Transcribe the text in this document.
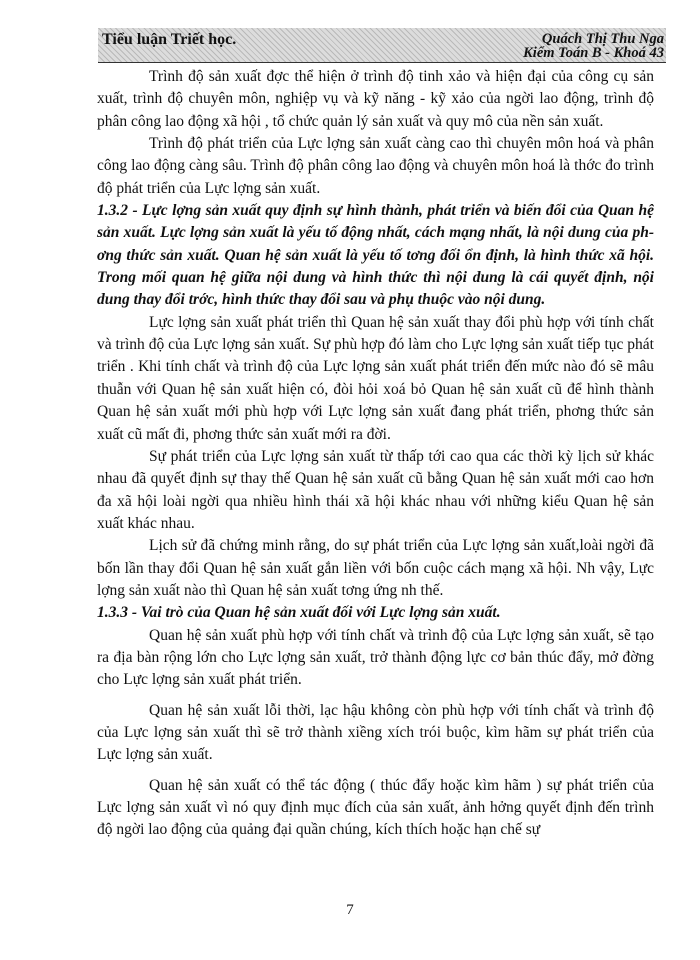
Tiểu luận Triết học.	Quách Thị Thu Nga
Kiểm Toán B - Khoá 43

Trình độ sản xuất đợc thể hiện ở trình độ tinh xảo và hiện đại của công cụ sản xuất, trình độ chuyên môn, nghiệp vụ và kỹ năng - kỹ xảo của ngời lao động, trình độ phân công lao động xã hội , tổ chức quản lý sản xuất và quy mô của nền sản xuất.

Trình độ phát triển của Lực lợng sản xuất càng cao thì chuyên môn hoá và phân công lao động càng sâu. Trình độ phân công lao động và chuyên môn hoá là thớc đo trình độ phát triển của Lực lợng sản xuất.

1.3.2 - Lực lợng sản xuất quy định sự hình thành, phát triển và biến đổi của Quan hệ sản xuất. Lực lợng sản xuất là yếu tố động nhất, cách mạng nhất, là nội dung của phơng thức sản xuất. Quan hệ sản xuất là yếu tố tơng đối ổn định, là hình thức xã hội. Trong mối quan hệ giữa nội dung và hình thức thì nội dung là cái quyết định, nội dung thay đổi trớc, hình thức thay đổi sau và phụ thuộc vào nội dung.

Lực lợng sản xuất phát triển thì Quan hệ sản xuất thay đổi phù hợp với tính chất và trình độ của Lực lợng sản xuất. Sự phù hợp đó làm cho Lực lợng sản xuất tiếp tục phát triển . Khi tính chất và trình độ của Lực lợng sản xuất phát triển đến mức nào đó sẽ mâu thuẫn với Quan hệ sản xuất hiện có, đòi hỏi xoá bỏ Quan hệ sản xuất cũ để hình thành Quan hệ sản xuất mới phù hợp với Lực lợng sản xuất đang phát triển, phơng thức sản xuất cũ mất đi, phơng thức sản xuất mới ra đời.

Sự phát triển của Lực lợng sản xuất từ thấp tới cao qua các thời kỳ lịch sử khác nhau đã quyết định sự thay thế Quan hệ sản xuất cũ bằng Quan hệ sản xuất mới cao hơn đa xã hội loài ngời qua nhiều hình thái xã hội khác nhau với những kiểu Quan hệ sản xuất khác nhau.

Lịch sử đã chứng minh rằng, do sự phát triển của Lực lợng sản xuất,loài ngời đã bốn lần thay đổi Quan hệ sản xuất gắn liền với bốn cuộc cách mạng xã hội. Nh vậy, Lực lợng sản xuất nào thì Quan hệ sản xuất tơng ứng nh thế.

1.3.3 - Vai trò của Quan hệ sản xuất đối với Lực lợng sản xuất.

Quan hệ sản xuất phù hợp với tính chất và trình độ của Lực lợng sản xuất, sẽ tạo ra địa bàn rộng lớn cho Lực lợng sản xuất, trở thành động lực cơ bản thúc đẩy, mở đờng cho Lực lợng sản xuất phát triển.

Quan hệ sản xuất lỗi thời, lạc hậu không còn phù hợp với tính chất và trình độ của Lực lợng sản xuất thì sẽ trở thành xiềng xích trói buộc, kìm hãm sự phát triển của Lực lợng sản xuất.

Quan hệ sản xuất có thể tác động ( thúc đẩy hoặc kìm hãm ) sự phát triển của Lực lợng sản xuất vì nó quy định mục đích của sản xuất, ảnh hởng quyết định đến trình độ ngời lao động của quảng đại quần chúng, kích thích hoặc hạn chế sự

7
